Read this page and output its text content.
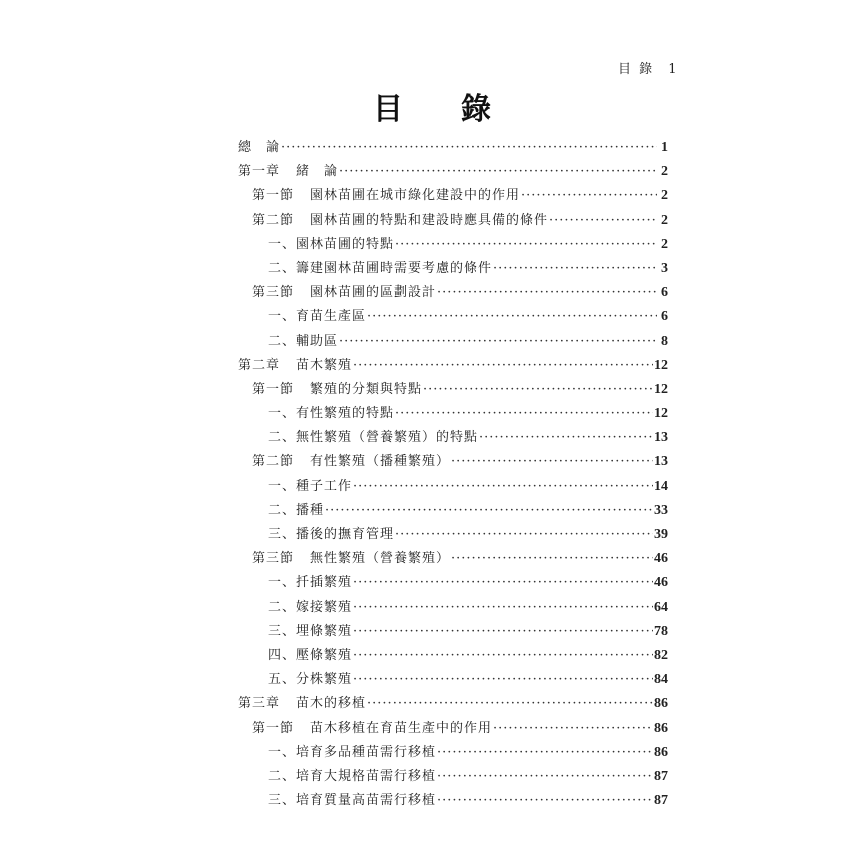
目 錄 1
目 錄
總　論 ·····	1
第一章 緒　論 ·····	2
第一節 園林苗圃在城市綠化建設中的作用 ·····	2
第二節 園林苗圃的特點和建設時應具備的條件 ·····	2
一、園林苗圃的特點 ·····	2
二、籌建園林苗圃時需要考慮的條件 ·····	3
第三節 園林苗圃的區劃設計 ·····	6
一、育苗生產區 ·····	6
二、輔助區 ·····	8
第二章 苗木繁殖 ·····	12
第一節 繁殖的分類與特點 ·····	12
一、有性繁殖的特點 ·····	12
二、無性繁殖（營養繁殖）的特點 ·····	13
第二節 有性繁殖（播種繁殖） ·····	13
一、種子工作 ·····	14
二、播種 ·····	33
三、播後的撫育管理 ·····	39
第三節 無性繁殖（營養繁殖） ·····	46
一、扦插繁殖 ·····	46
二、嫁接繁殖 ·····	64
三、埋條繁殖 ·····	78
四、壓條繁殖 ·····	82
五、分株繁殖 ·····	84
第三章 苗木的移植 ·····	86
第一節 苗木移植在育苗生產中的作用 ·····	86
一、培育多品種苗需行移植 ·····	86
二、培育大規格苗需行移植 ·····	87
三、培育質量高苗需行移植 ·····	87
